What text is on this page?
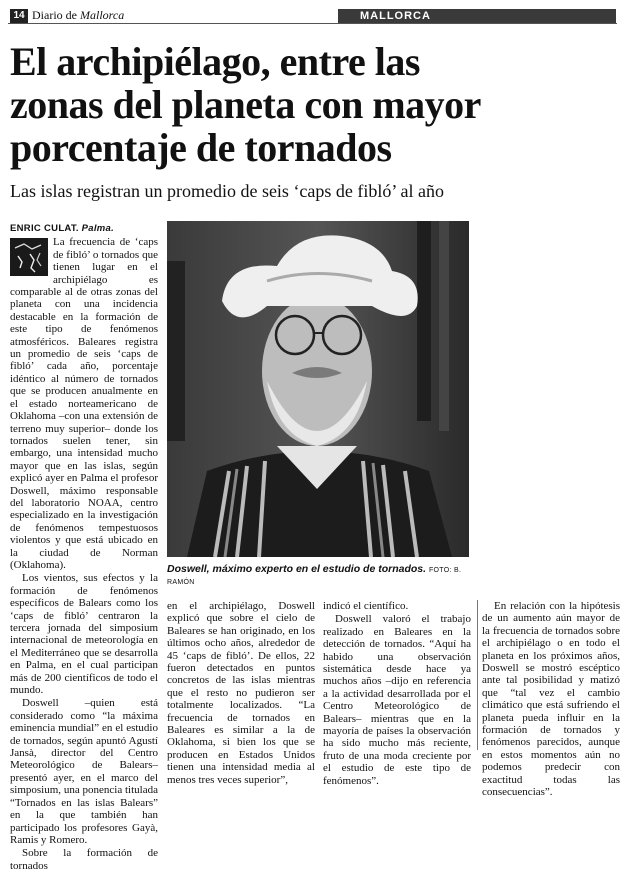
14 Diario de Mallorca	MALLORCA
El archipiélago, entre las zonas del planeta con mayor porcentaje de tornados
Las islas registran un promedio de seis ‘caps de fibló’ al año

ENRIC CULAT. Palma.

La frecuencia de ‘caps de fibló’ o tornados que tienen lugar en el archipiélago es comparable al de otras zonas del planeta con una incidencia destacable en la formación de este tipo de fenómenos atmosféricos. Baleares registra un promedio de seis ‘caps de fibló’ cada año, porcentaje idéntico al número de tornados que se producen anualmente en el estado norteamericano de Oklahoma –con una extensión de terreno muy superior– donde los tornados suelen tener, sin embargo, una intensidad mucho mayor que en las islas, según explicó ayer en Palma el profesor Doswell, máximo responsable del laboratorio NOAA, centro especializado en la investigación de fenómenos tempestuosos violentos y que está ubicado en la ciudad de Norman (Oklahoma).

Los vientos, sus efectos y la formación de fenómenos específicos de Balears como los ‘caps de fibló’ centraron la tercera jornada del simposium internacional de meteorología en el Mediterráneo que se desarrolla en Palma, en el cual participan más de 200 científicos de todo el mundo.

Doswell –quien está considerado como “la máxima eminencia mundial” en el estudio de tornados, según apuntó Agustí Jansà, director del Centro Meteorológico de Balears– presentó ayer, en el marco del simposium, una ponencia titulada “Tornados en las islas Balears” en la que también han participado los profesores Gayà, Ramis y Romero.

Sobre la formación de tornados

Doswell, máximo experto en el estudio de tornados. FOTO: B. RAMÓN

en el archipiélago, Doswell explicó que sobre el cielo de Baleares se han originado, en los últimos ocho años, alrededor de 45 ‘caps de fibló’. De ellos, 22 fueron detectados en puntos concretos de las islas mientras que el resto no pudieron ser totalmente localizados. “La frecuencia de tornados en Baleares es similar a la de Oklahoma, si bien los que se producen en Estados Unidos tienen una intensidad media al menos tres veces superior”,

indicó el científico.

Doswell valoró el trabajo realizado en Baleares en la detección de tornados. “Aquí ha habido una observación sistemática desde hace ya muchos años –dijo en referencia a la actividad desarrollada por el Centro Meteorológico de Balears– mientras que en la mayoría de países la observación ha sido mucho más reciente, fruto de una moda creciente por el estudio de este tipo de fenómenos”.

En relación con la hipótesis de un aumento aún mayor de la frecuencia de tornados sobre el archipiélago o en todo el planeta en los próximos años, Doswell se mostró escéptico ante tal posibilidad y matizó que “tal vez el cambio climático que está sufriendo el planeta pueda influir en la formación de tornados y fenómenos parecidos, aunque en estos momentos aún no podemos predecir con exactitud todas las consecuencias”.
